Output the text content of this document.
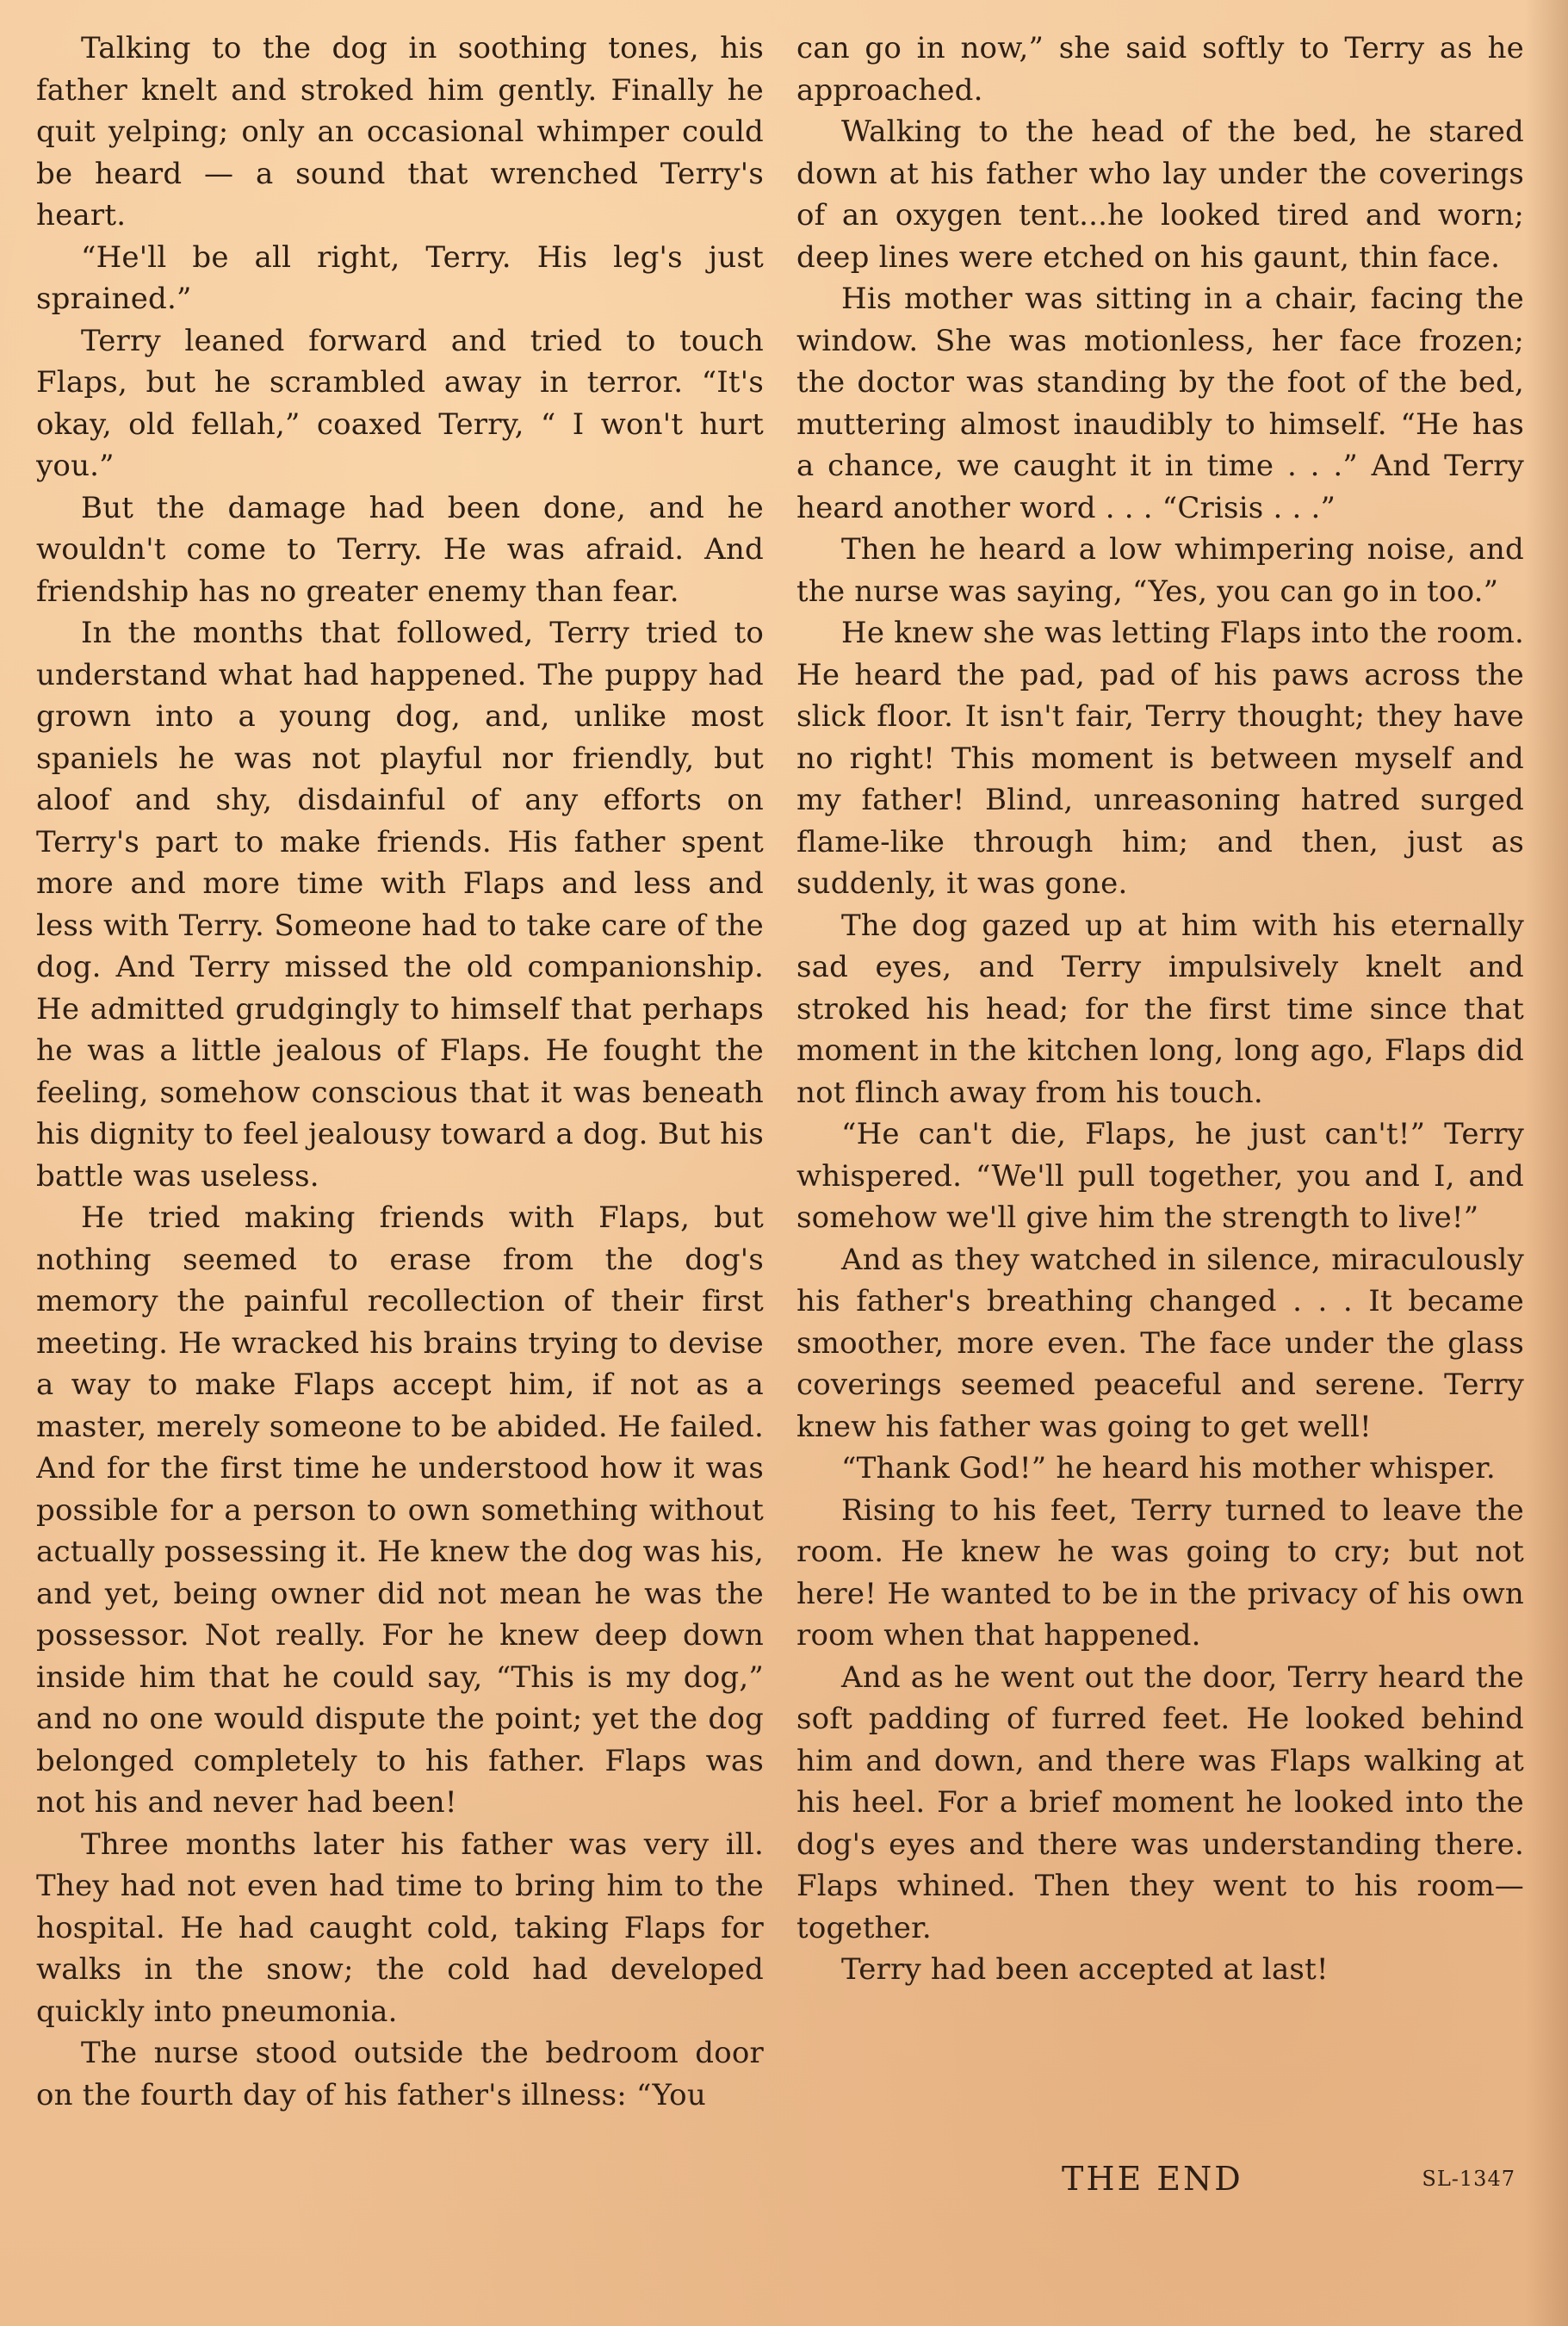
Talking to the dog in soothing tones, his father knelt and stroked him gently. Finally he quit yelping; only an occasional whimper could be heard — a sound that wrenched Terry's heart.

“He'll be all right, Terry. His leg's just sprained.”

Terry leaned forward and tried to touch Flaps, but he scrambled away in terror. “It's okay, old fellah,” coaxed Terry, “ I won't hurt you.”

But the damage had been done, and he wouldn't come to Terry. He was afraid. And friendship has no greater enemy than fear.

In the months that followed, Terry tried to understand what had happened. The puppy had grown into a young dog, and, unlike most spaniels he was not playful nor friendly, but aloof and shy, disdainful of any efforts on Terry's part to make friends. His father spent more and more time with Flaps and less and less with Terry. Someone had to take care of the dog. And Terry missed the old companionship. He admitted grudgingly to himself that perhaps he was a little jealous of Flaps. He fought the feeling, somehow conscious that it was beneath his dignity to feel jealousy toward a dog. But his battle was useless.

He tried making friends with Flaps, but nothing seemed to erase from the dog's memory the painful recollection of their first meeting. He wracked his brains trying to devise a way to make Flaps accept him, if not as a master, merely someone to be abided. He failed. And for the first time he understood how it was possible for a person to own something without actually possessing it. He knew the dog was his, and yet, being owner did not mean he was the possessor. Not really. For he knew deep down inside him that he could say, “This is my dog,” and no one would dispute the point; yet the dog belonged completely to his father. Flaps was not his and never had been!

Three months later his father was very ill. They had not even had time to bring him to the hospital. He had caught cold, taking Flaps for walks in the snow; the cold had developed quickly into pneumonia.

The nurse stood outside the bedroom door on the fourth day of his father's illness: “You

can go in now,” she said softly to Terry as he approached.

Walking to the head of the bed, he stared down at his father who lay under the coverings of an oxygen tent...he looked tired and worn; deep lines were etched on his gaunt, thin face.

His mother was sitting in a chair, facing the window. She was motionless, her face frozen; the doctor was standing by the foot of the bed, muttering almost inaudibly to himself. “He has a chance, we caught it in time . . .” And Terry heard another word . . . “Crisis . . .”

Then he heard a low whimpering noise, and the nurse was saying, “Yes, you can go in too.”

He knew she was letting Flaps into the room. He heard the pad, pad of his paws across the slick floor. It isn't fair, Terry thought; they have no right! This moment is between myself and my father! Blind, unreasoning hatred surged flame-like through him; and then, just as suddenly, it was gone.

The dog gazed up at him with his eternally sad eyes, and Terry impulsively knelt and stroked his head; for the first time since that moment in the kitchen long, long ago, Flaps did not flinch away from his touch.

“He can't die, Flaps, he just can't!” Terry whispered. “We'll pull together, you and I, and somehow we'll give him the strength to live!”

And as they watched in silence, miraculously his father's breathing changed . . . It became smoother, more even. The face under the glass coverings seemed peaceful and serene. Terry knew his father was going to get well!

“Thank God!” he heard his mother whisper.

Rising to his feet, Terry turned to leave the room. He knew he was going to cry; but not here! He wanted to be in the privacy of his own room when that happened.

And as he went out the door, Terry heard the soft padding of furred feet. He looked behind him and down, and there was Flaps walking at his heel. For a brief moment he looked into the dog's eyes and there was understanding there. Flaps whined. Then they went to his room—together.

Terry had been accepted at last!

THE END	SL-1347
